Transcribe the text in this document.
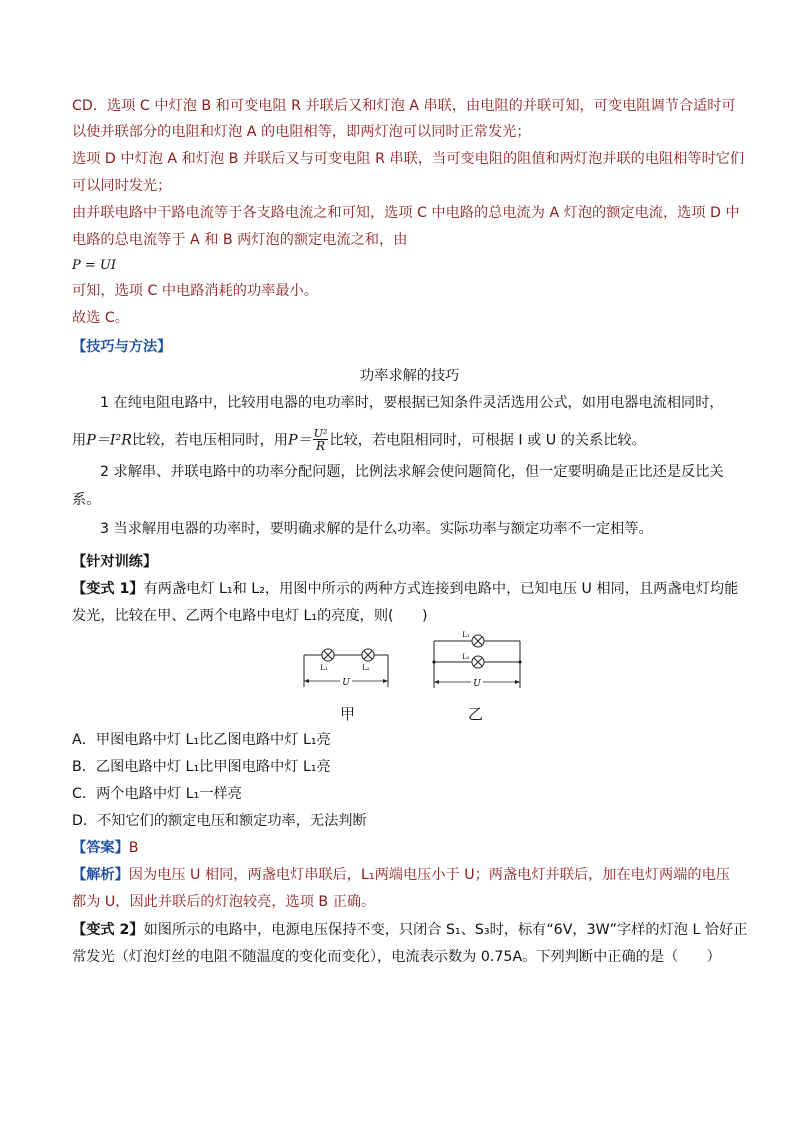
CD．选项 C 中灯泡 B 和可变电阻 R 并联后又和灯泡 A 串联，由电阻的并联可知，可变电阻调节合适时可
以使并联部分的电阻和灯泡 A 的电阻相等，即两灯泡可以同时正常发光；
选项 D 中灯泡 A 和灯泡 B 并联后又与可变电阻 R 串联，当可变电阻的阻值和两灯泡并联的电阻相等时它们
可以同时发光；
由并联电路中干路电流等于各支路电流之和可知，选项 C 中电路的总电流为 A 灯泡的额定电流，选项 D 中
电路的总电流等于 A 和 B 两灯泡的额定电流之和，由
P = UI
可知，选项 C 中电路消耗的功率最小。
故选 C。
【技巧与方法】
功率求解的技巧
1 在纯电阻电路中，比较用电器的电功率时，要根据已知条件灵活选用公式，如用电器电流相同时，
用P＝I²R比较，若电压相同时，用$P= \frac{\text{U²}}{R}$ 比较，若电阻相同时，可根据 I 或 U 的关系比较。
2 求解串、并联电路中的功率分配问题，比例法求解会使问题简化，但一定要明确是正比还是反比关
系。
3 当求解用电器的功率时，要明确求解的是什么功率。实际功率与额定功率不一定相等。
【针对训练】
【变式 1】有两盏电灯 L₁和 L₂，用图中所示的两种方式连接到电路中，已知电压 U 相同，且两盏电灯均能
发光，比较在甲、乙两个电路中电灯 L₁的亮度，则(　　)
U
L₁	L₂
U
L₁
L₂
甲	乙
A．甲图电路中灯 L₁比乙图电路中灯 L₁亮
B．乙图电路中灯 L₁比甲图电路中灯 L₁亮
C．两个电路中灯 L₁一样亮
D．不知它们的额定电压和额定功率，无法判断
【答案】B
【解析】因为电压 U 相同，两盏电灯串联后，L₁两端电压小于 U；两盏电灯并联后，加在电灯两端的电压
都为 U，因此并联后的灯泡较亮，选项 B 正确。
【变式 2】如图所示的电路中，电源电压保持不变，只闭合 S₁、S₃时，标有“6V，3W”字样的灯泡 L 恰好正
常发光（灯泡灯丝的电阻不随温度的变化而变化），电流表示数为 0.75A。下列判断中正确的是（　　）
